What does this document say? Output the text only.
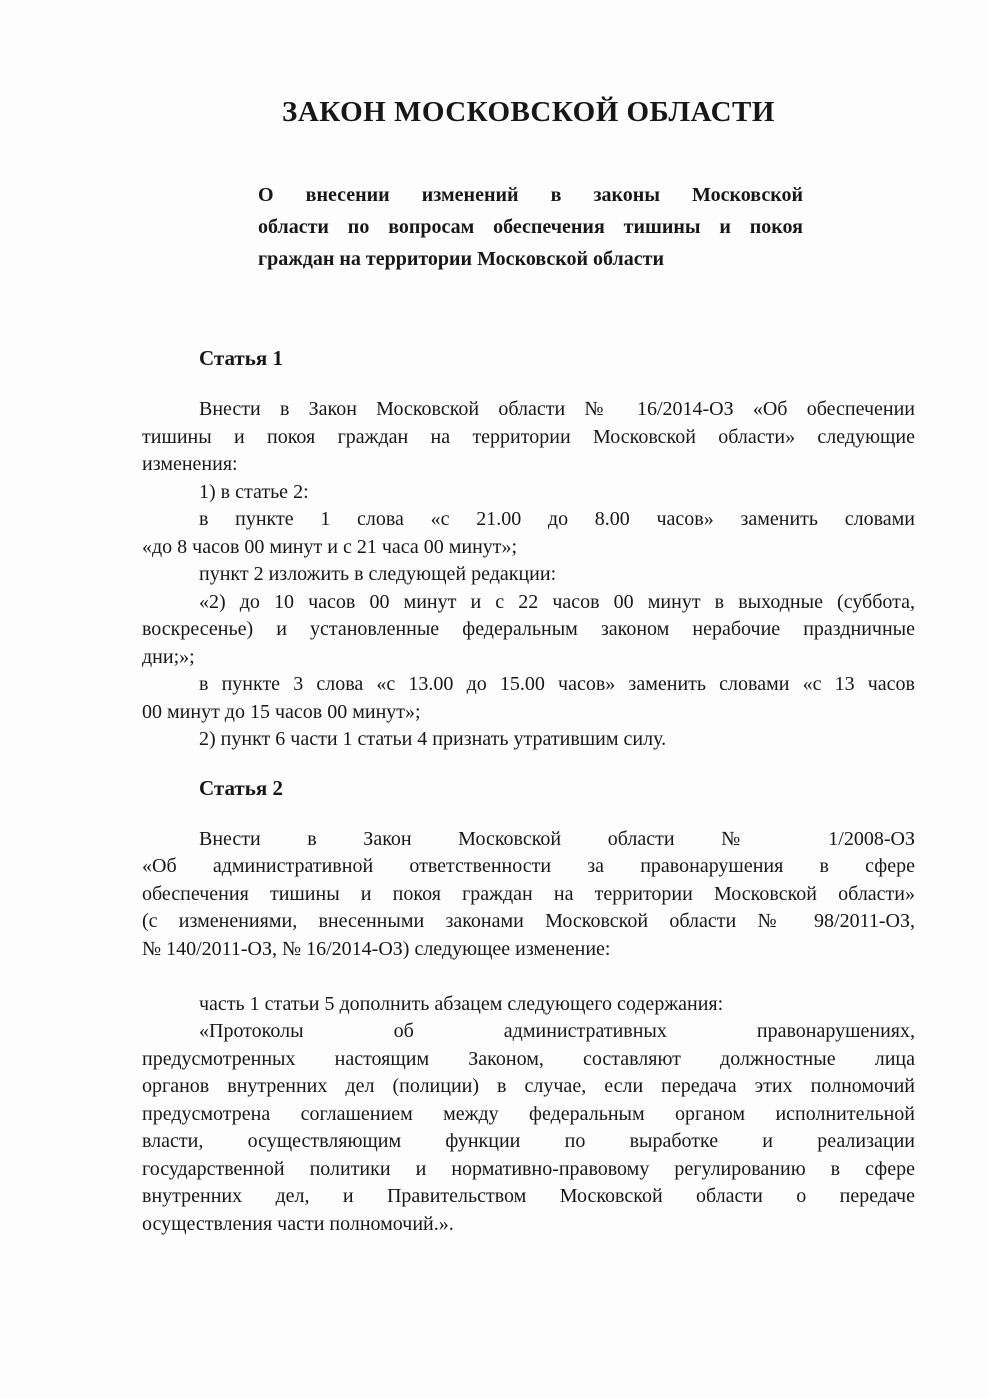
ЗАКОН МОСКОВСКОЙ ОБЛАСТИ
О внесении изменений в законы Московской
области по вопросам обеспечения тишины и покоя
граждан на территории Московской области
Статья 1
Внести в Закон Московской области № 16/2014-ОЗ «Об обеспечении
тишины и покоя граждан на территории Московской области» следующие
изменения:
1) в статье 2:
в пункте 1 слова «с 21.00 до 8.00 часов» заменить словами
«до 8 часов 00 минут и с 21 часа 00 минут»;
пункт 2 изложить в следующей редакции:
«2) до 10 часов 00 минут и с 22 часов 00 минут в выходные (суббота,
воскресенье) и установленные федеральным законом нерабочие праздничные
дни;»;
в пункте 3 слова «с 13.00 до 15.00 часов» заменить словами «с 13 часов
00 минут до 15 часов 00 минут»;
2) пункт 6 части 1 статьи 4 признать утратившим силу.
Статья 2
Внести в Закон Московской области № 1/2008-ОЗ
«Об административной ответственности за правонарушения в сфере
обеспечения тишины и покоя граждан на территории Московской области»
(с изменениями, внесенными законами Московской области № 98/2011-ОЗ,
№ 140/2011-ОЗ, № 16/2014-ОЗ) следующее изменение:
часть 1 статьи 5 дополнить абзацем следующего содержания:
«Протоколы об административных правонарушениях,
предусмотренных настоящим Законом, составляют должностные лица
органов внутренних дел (полиции) в случае, если передача этих полномочий
предусмотрена соглашением между федеральным органом исполнительной
власти, осуществляющим функции по выработке и реализации
государственной политики и нормативно-правовому регулированию в сфере
внутренних дел, и Правительством Московской области о передаче
осуществления части полномочий.».
